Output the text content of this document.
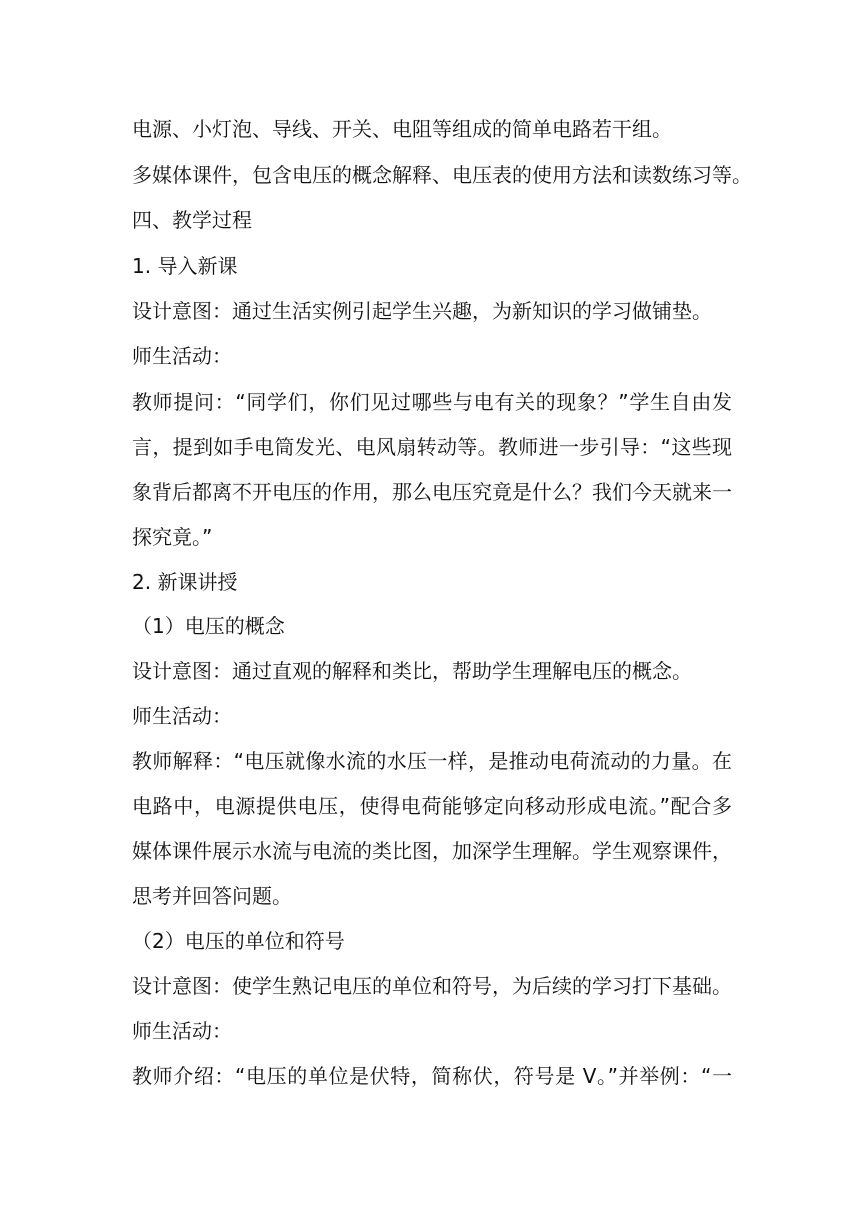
电源、小灯泡、导线、开关、电阻等组成的简单电路若干组。
多媒体课件，包含电压的概念解释、电压表的使用方法和读数练习等。
四、教学过程
1. 导入新课
设计意图：通过生活实例引起学生兴趣，为新知识的学习做铺垫。
师生活动：
教师提问：“同学们，你们见过哪些与电有关的现象？”学生自由发
言，提到如手电筒发光、电风扇转动等。教师进一步引导：“这些现
象背后都离不开电压的作用，那么电压究竟是什么？我们今天就来一
探究竟。”
2. 新课讲授
（1）电压的概念
设计意图：通过直观的解释和类比，帮助学生理解电压的概念。
师生活动：
教师解释：“电压就像水流的水压一样，是推动电荷流动的力量。在
电路中，电源提供电压，使得电荷能够定向移动形成电流。”配合多
媒体课件展示水流与电流的类比图，加深学生理解。学生观察课件，
思考并回答问题。
（2）电压的单位和符号
设计意图：使学生熟记电压的单位和符号，为后续的学习打下基础。
师生活动：
教师介绍：“电压的单位是伏特，简称伏，符号是 V。”并举例：“一
